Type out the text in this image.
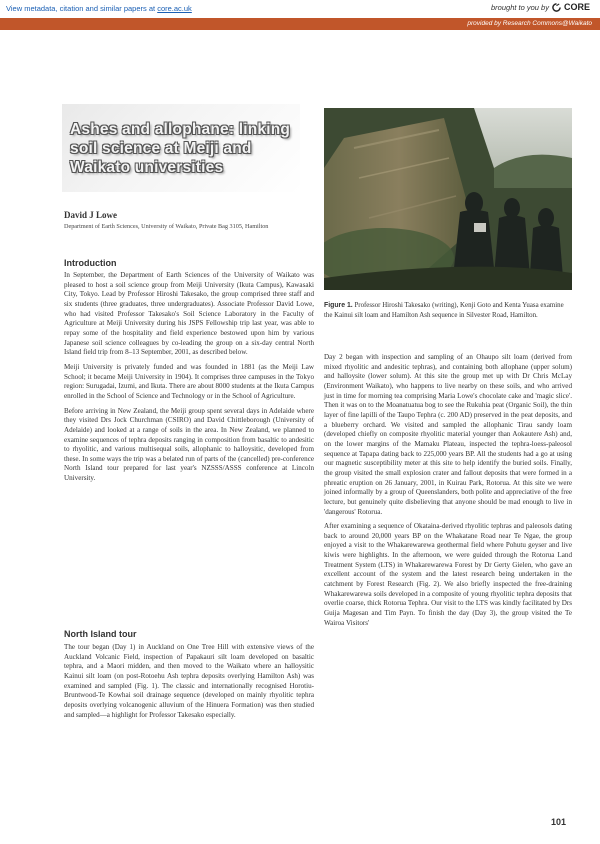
View metadata, citation and similar papers at core.ac.uk	brought to you by CORE
provided by Research Commons@Waikato
Ashes and allophane: linking soil science at Meiji and Waikato universities
David J Lowe
Department of Earth Sciences, University of Waikato, Private Bag 3105, Hamilton
Introduction

In September, the Department of Earth Sciences of the University of Waikato was pleased to host a soil science group from Meiji University (Ikuta Campus), Kawasaki City, Tokyo. Lead by Professor Hiroshi Takesako, the group comprised three staff and six students (three graduates, three undergraduates). Associate Professor David Lowe, who had visited Professor Takesako's Soil Science Laboratory in the Faculty of Agriculture at Meiji University during his JSPS Fellowship trip last year, was able to repay some of the hospitality and field experience bestowed upon him by various Japanese soil science colleagues by co-leading the group on a six-day central North Island field trip from 8–13 September, 2001, as described below.

Meiji University is privately funded and was founded in 1881 (as the Meiji Law School; it became Meiji University in 1904). It comprises three campuses in the Tokyo region: Surugadai, Izumi, and Ikuta. There are about 8000 students at the Ikuta Campus enrolled in the School of Science and Technology or in the School of Agriculture.

Before arriving in New Zealand, the Meiji group spent several days in Adelaide where they visited Drs Jock Churchman (CSIRO) and David Chittleborough (University of Adelaide) and looked at a range of soils in the area. In New Zealand, we planned to examine sequences of tephra deposits ranging in composition from basaltic to andesitic to rhyolitic, and various multisequal soils, allophanic to halloysitic, developed from these. In some ways the trip was a belated run of parts of the (cancelled) pre-conference North Island tour prepared for last year's NZSSS/ASSS conference at Lincoln University.

North Island tour

The tour began (Day 1) in Auckland on One Tree Hill with extensive views of the Auckland Volcanic Field, inspection of Papakauri silt loam developed on basaltic tephra, and a Maori midden, and then moved to the Waikato where an halloysitic Kainui silt loam (on post-Rotoehu Ash tephra deposits overlying Hamilton Ash) was examined and sampled (Fig. 1). The classic and internationally recognised Horotiu-Bruntwood-Te Kowhai soil drainage sequence (developed on mainly rhyolitic tephra deposits overlying volcanogenic alluvium of the Hinuera Formation) was then studied and sampled—a highlight for Professor Takesako especially.

Figure 1. Professor Hiroshi Takesako (writing), Kenji Goto and Kenta Yuasa examine the Kainui silt loam and Hamilton Ash sequence in Silvester Road, Hamilton.

Day 2 began with inspection and sampling of an Ohaupo silt loam (derived from mixed rhyolitic and andesitic tephras), and containing both allophane (upper solum) and halloysite (lower solum). At this site the group met up with Dr Chris McLay (Environment Waikato), who happens to live nearby on these soils, and who arrived just in time for morning tea comprising Maria Lowe's chocolate cake and 'magic slice'. Then it was on to the Moanatuatua bog to see the Rukuhia peat (Organic Soil), the thin layer of fine lapilli of the Taupo Tephra (c. 200 AD) preserved in the peat deposits, and a blueberry orchard. We visited and sampled the allophanic Tirau sandy loam (developed chiefly on composite rhyolitic material younger than Aokautere Ash) and, on the lower margins of the Mamaku Plateau, inspected the tephra-loess-paleosol sequence at Tapapa dating back to 225,000 years BP. All the students had a go at using our magnetic susceptibility meter at this site to help identify the buried soils. Finally, the group visited the small explosion crater and fallout deposits that were formed in a phreatic eruption on 26 January, 2001, in Kuirau Park, Rotorua. At this site we were joined informally by a group of Queenslanders, both polite and appreciative of the free lecture, but genuinely quite disbelieving that anyone should be mad enough to live in 'dangerous' Rotorua.

After examining a sequence of Okataina-derived rhyolitic tephras and paleosols dating back to around 20,000 years BP on the Whakatane Road near Te Ngae, the group enjoyed a visit to the Whakarewarewa geothermal field where Pohutu geyser and live kiwis were highlights. In the afternoon, we were guided through the Rotorua Land Treatment System (LTS) in Whakarewarewa Forest by Dr Gerty Gielen, who gave an excellent account of the system and the latest research being undertaken in the catchment by Forest Research (Fig. 2). We also briefly inspected the free-draining Whakarewarewa soils developed in a composite of young rhyolitic tephra deposits that overlie coarse, thick Rotorua Tephra. Our visit to the LTS was kindly facilitated by Drs Guija Magesan and Tim Payn. To finish the day (Day 3), the group visited the Te Wairoa Visitors'

101
